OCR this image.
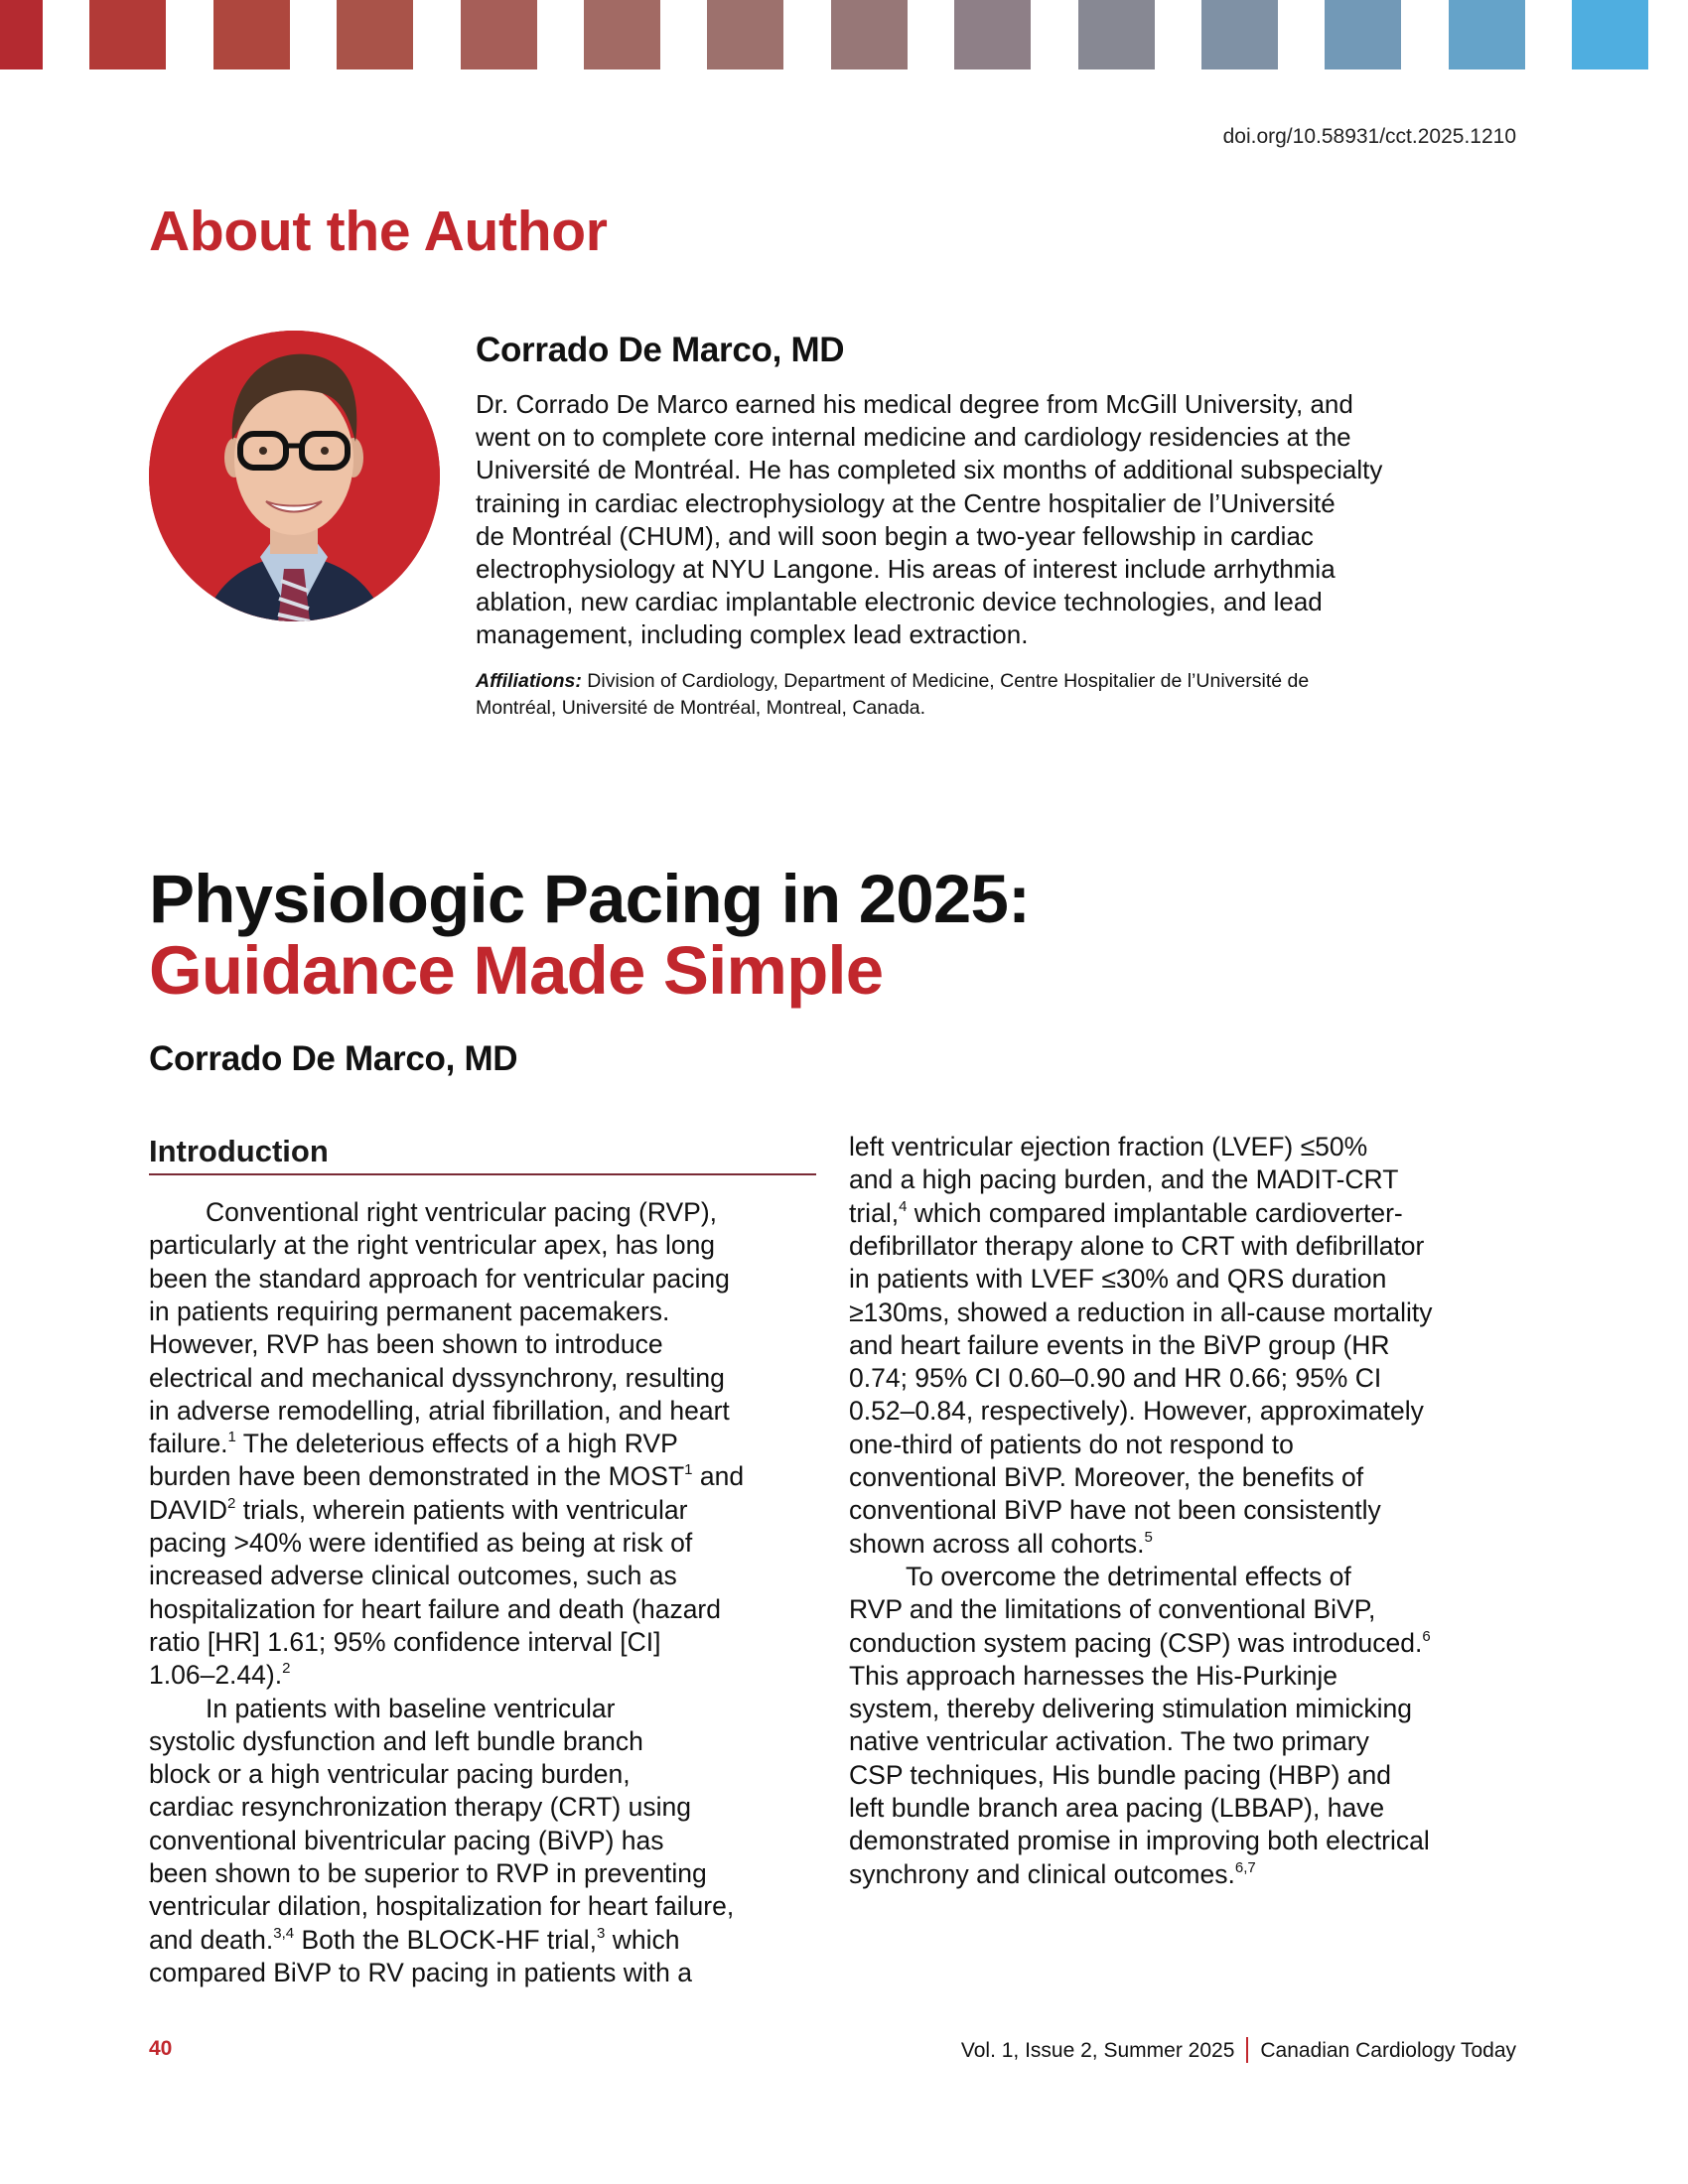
doi.org/10.58931/cct.2025.1210
About the Author
Corrado De Marco, MD
Dr. Corrado De Marco earned his medical degree from McGill University, and
went on to complete core internal medicine and cardiology residencies at the
Université de Montréal. He has completed six months of additional subspecialty
training in cardiac electrophysiology at the Centre hospitalier de l’Université
de Montréal (CHUM), and will soon begin a two-year fellowship in cardiac
electrophysiology at NYU Langone. His areas of interest include arrhythmia
ablation, new cardiac implantable electronic device technologies, and lead
management, including complex lead extraction.
Affiliations: Division of Cardiology, Department of Medicine, Centre Hospitalier de l’Université de
Montréal, Université de Montréal, Montreal, Canada.
Physiologic Pacing in 2025:
Guidance Made Simple
Corrado De Marco, MD
Introduction
Conventional right ventricular pacing (RVP),
particularly at the right ventricular apex, has long
been the standard approach for ventricular pacing
in patients requiring permanent pacemakers.
However, RVP has been shown to introduce
electrical and mechanical dyssynchrony, resulting
in adverse remodelling, atrial fibrillation, and heart
failure.$^1$ The deleterious effects of a high RVP
burden have been demonstrated in the MOST$^1$ and
DAVID$^2$ trials, wherein patients with ventricular
pacing >40% were identified as being at risk of
increased adverse clinical outcomes, such as
hospitalization for heart failure and death (hazard
ratio [HR] 1.61; 95% confidence interval [CI]
1.06–2.44).$^2$
In patients with baseline ventricular
systolic dysfunction and left bundle branch
block or a high ventricular pacing burden,
cardiac resynchronization therapy (CRT) using
conventional biventricular pacing (BiVP) has
been shown to be superior to RVP in preventing
ventricular dilation, hospitalization for heart failure,
and death.$^{3,4}$ Both the BLOCK-HF trial,$^3$ which
compared BiVP to RV pacing in patients with a
left ventricular ejection fraction (LVEF) ≤50%
and a high pacing burden, and the MADIT-CRT
trial,$^4$ which compared implantable cardioverter-
defibrillator therapy alone to CRT with defibrillator
in patients with LVEF ≤30% and QRS duration
≥130ms, showed a reduction in all-cause mortality
and heart failure events in the BiVP group (HR
0.74; 95% CI 0.60–0.90 and HR 0.66; 95% CI
0.52–0.84, respectively). However, approximately
one-third of patients do not respond to
conventional BiVP. Moreover, the benefits of
conventional BiVP have not been consistently
shown across all cohorts.$^5$
To overcome the detrimental effects of
RVP and the limitations of conventional BiVP,
conduction system pacing (CSP) was introduced.$^6$
This approach harnesses the His-Purkinje
system, thereby delivering stimulation mimicking
native ventricular activation. The two primary
CSP techniques, His bundle pacing (HBP) and
left bundle branch area pacing (LBBAP), have
demonstrated promise in improving both electrical
synchrony and clinical outcomes.$^{6,7}$
40	Vol. 1, Issue 2, Summer 2025 Canadian Cardiology Today
